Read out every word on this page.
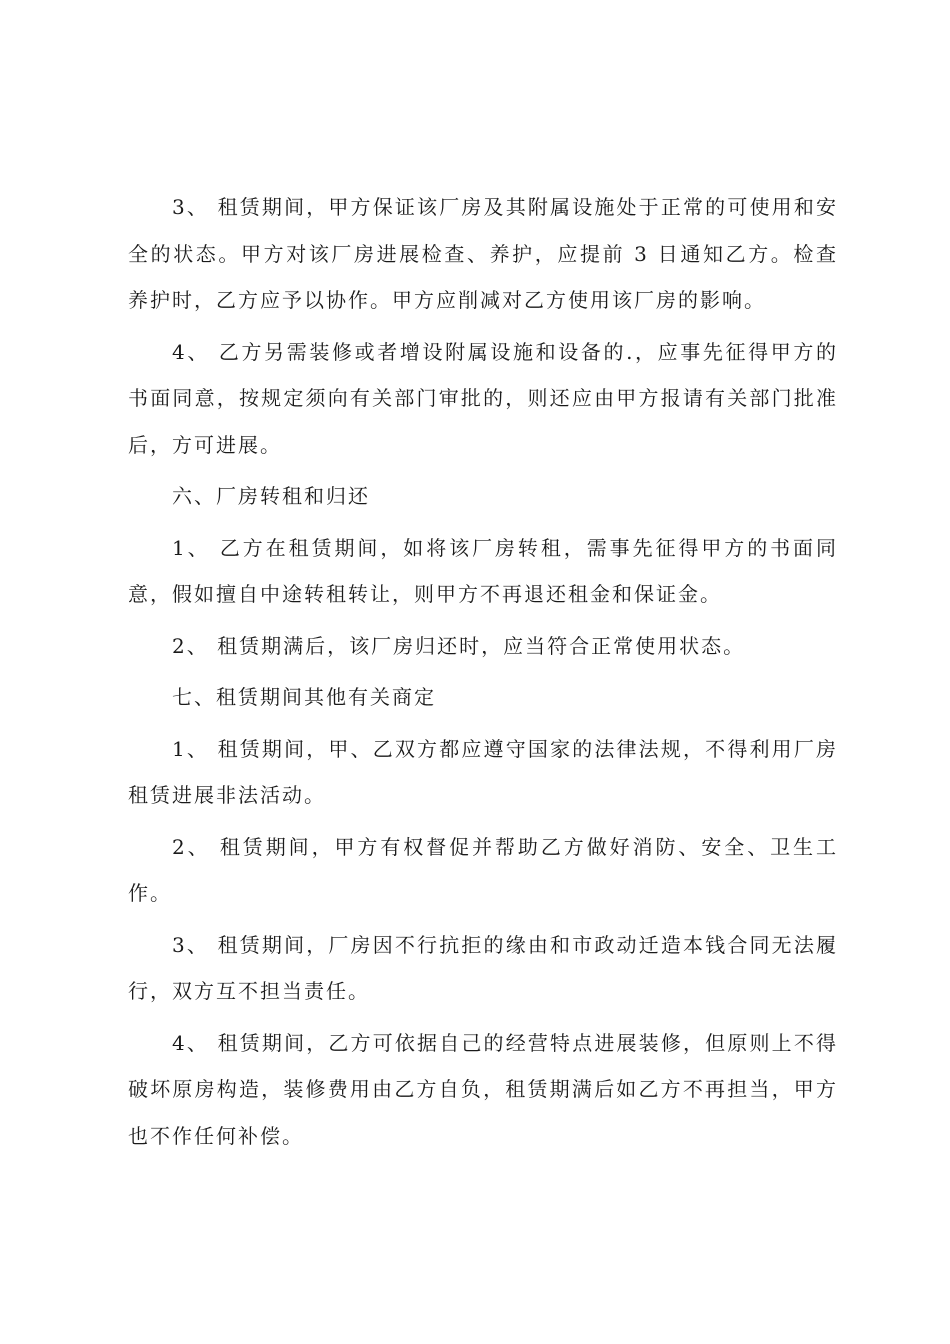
3、 租赁期间，甲方保证该厂房及其附属设施处于正常的可使用和安全的状态。甲方对该厂房进展检查、养护，应提前 3 日通知乙方。检查养护时，乙方应予以协作。甲方应削减对乙方使用该厂房的影响。

4、 乙方另需装修或者增设附属设施和设备的.，应事先征得甲方的书面同意，按规定须向有关部门审批的，则还应由甲方报请有关部门批准后，方可进展。

六、厂房转租和归还

1、 乙方在租赁期间，如将该厂房转租，需事先征得甲方的书面同意，假如擅自中途转租转让，则甲方不再退还租金和保证金。

2、 租赁期满后，该厂房归还时，应当符合正常使用状态。

七、租赁期间其他有关商定

1、 租赁期间，甲、乙双方都应遵守国家的法律法规，不得利用厂房租赁进展非法活动。

2、 租赁期间，甲方有权督促并帮助乙方做好消防、安全、卫生工作。

3、 租赁期间，厂房因不行抗拒的缘由和市政动迁造本钱合同无法履行，双方互不担当责任。

4、 租赁期间，乙方可依据自己的经营特点进展装修，但原则上不得破坏原房构造，装修费用由乙方自负，租赁期满后如乙方不再担当，甲方也不作任何补偿。
